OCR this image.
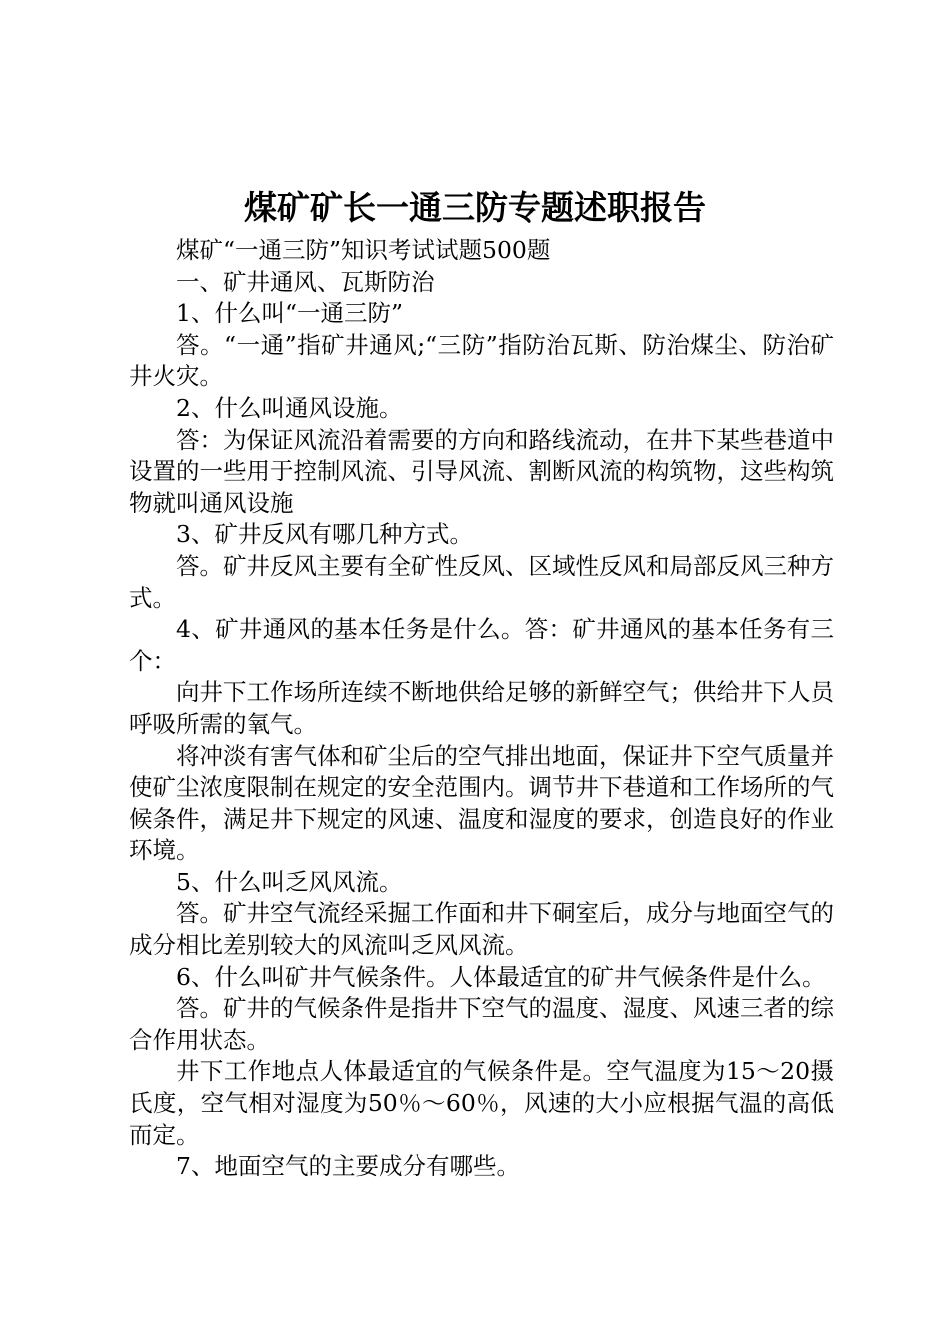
煤矿矿长一通三防专题述职报告

煤矿“一通三防”知识考试试题500题

一、矿井通风、瓦斯防治

1、什么叫“一通三防”

答。“一通”指矿井通风;“三防”指防治瓦斯、防治煤尘、防治矿井火灾。

2、什么叫通风设施。

答：为保证风流沿着需要的方向和路线流动，在井下某些巷道中设置的一些用于控制风流、引导风流、割断风流的构筑物，这些构筑物就叫通风设施

3、矿井反风有哪几种方式。

答。矿井反风主要有全矿性反风、区域性反风和局部反风三种方式。

4、矿井通风的基本任务是什么。答：矿井通风的基本任务有三个：

向井下工作场所连续不断地供给足够的新鲜空气；供给井下人员呼吸所需的氧气。

将冲淡有害气体和矿尘后的空气排出地面，保证井下空气质量并使矿尘浓度限制在规定的安全范围内。调节井下巷道和工作场所的气候条件，满足井下规定的风速、温度和湿度的要求，创造良好的作业环境。

5、什么叫乏风风流。

答。矿井空气流经采掘工作面和井下硐室后，成分与地面空气的成分相比差别较大的风流叫乏风风流。

6、什么叫矿井气候条件。人体最适宜的矿井气候条件是什么。

答。矿井的气候条件是指井下空气的温度、湿度、风速三者的综合作用状态。

井下工作地点人体最适宜的气候条件是。空气温度为15～20摄氏度，空气相对湿度为50％～60％，风速的大小应根据气温的高低而定。

7、地面空气的主要成分有哪些。
